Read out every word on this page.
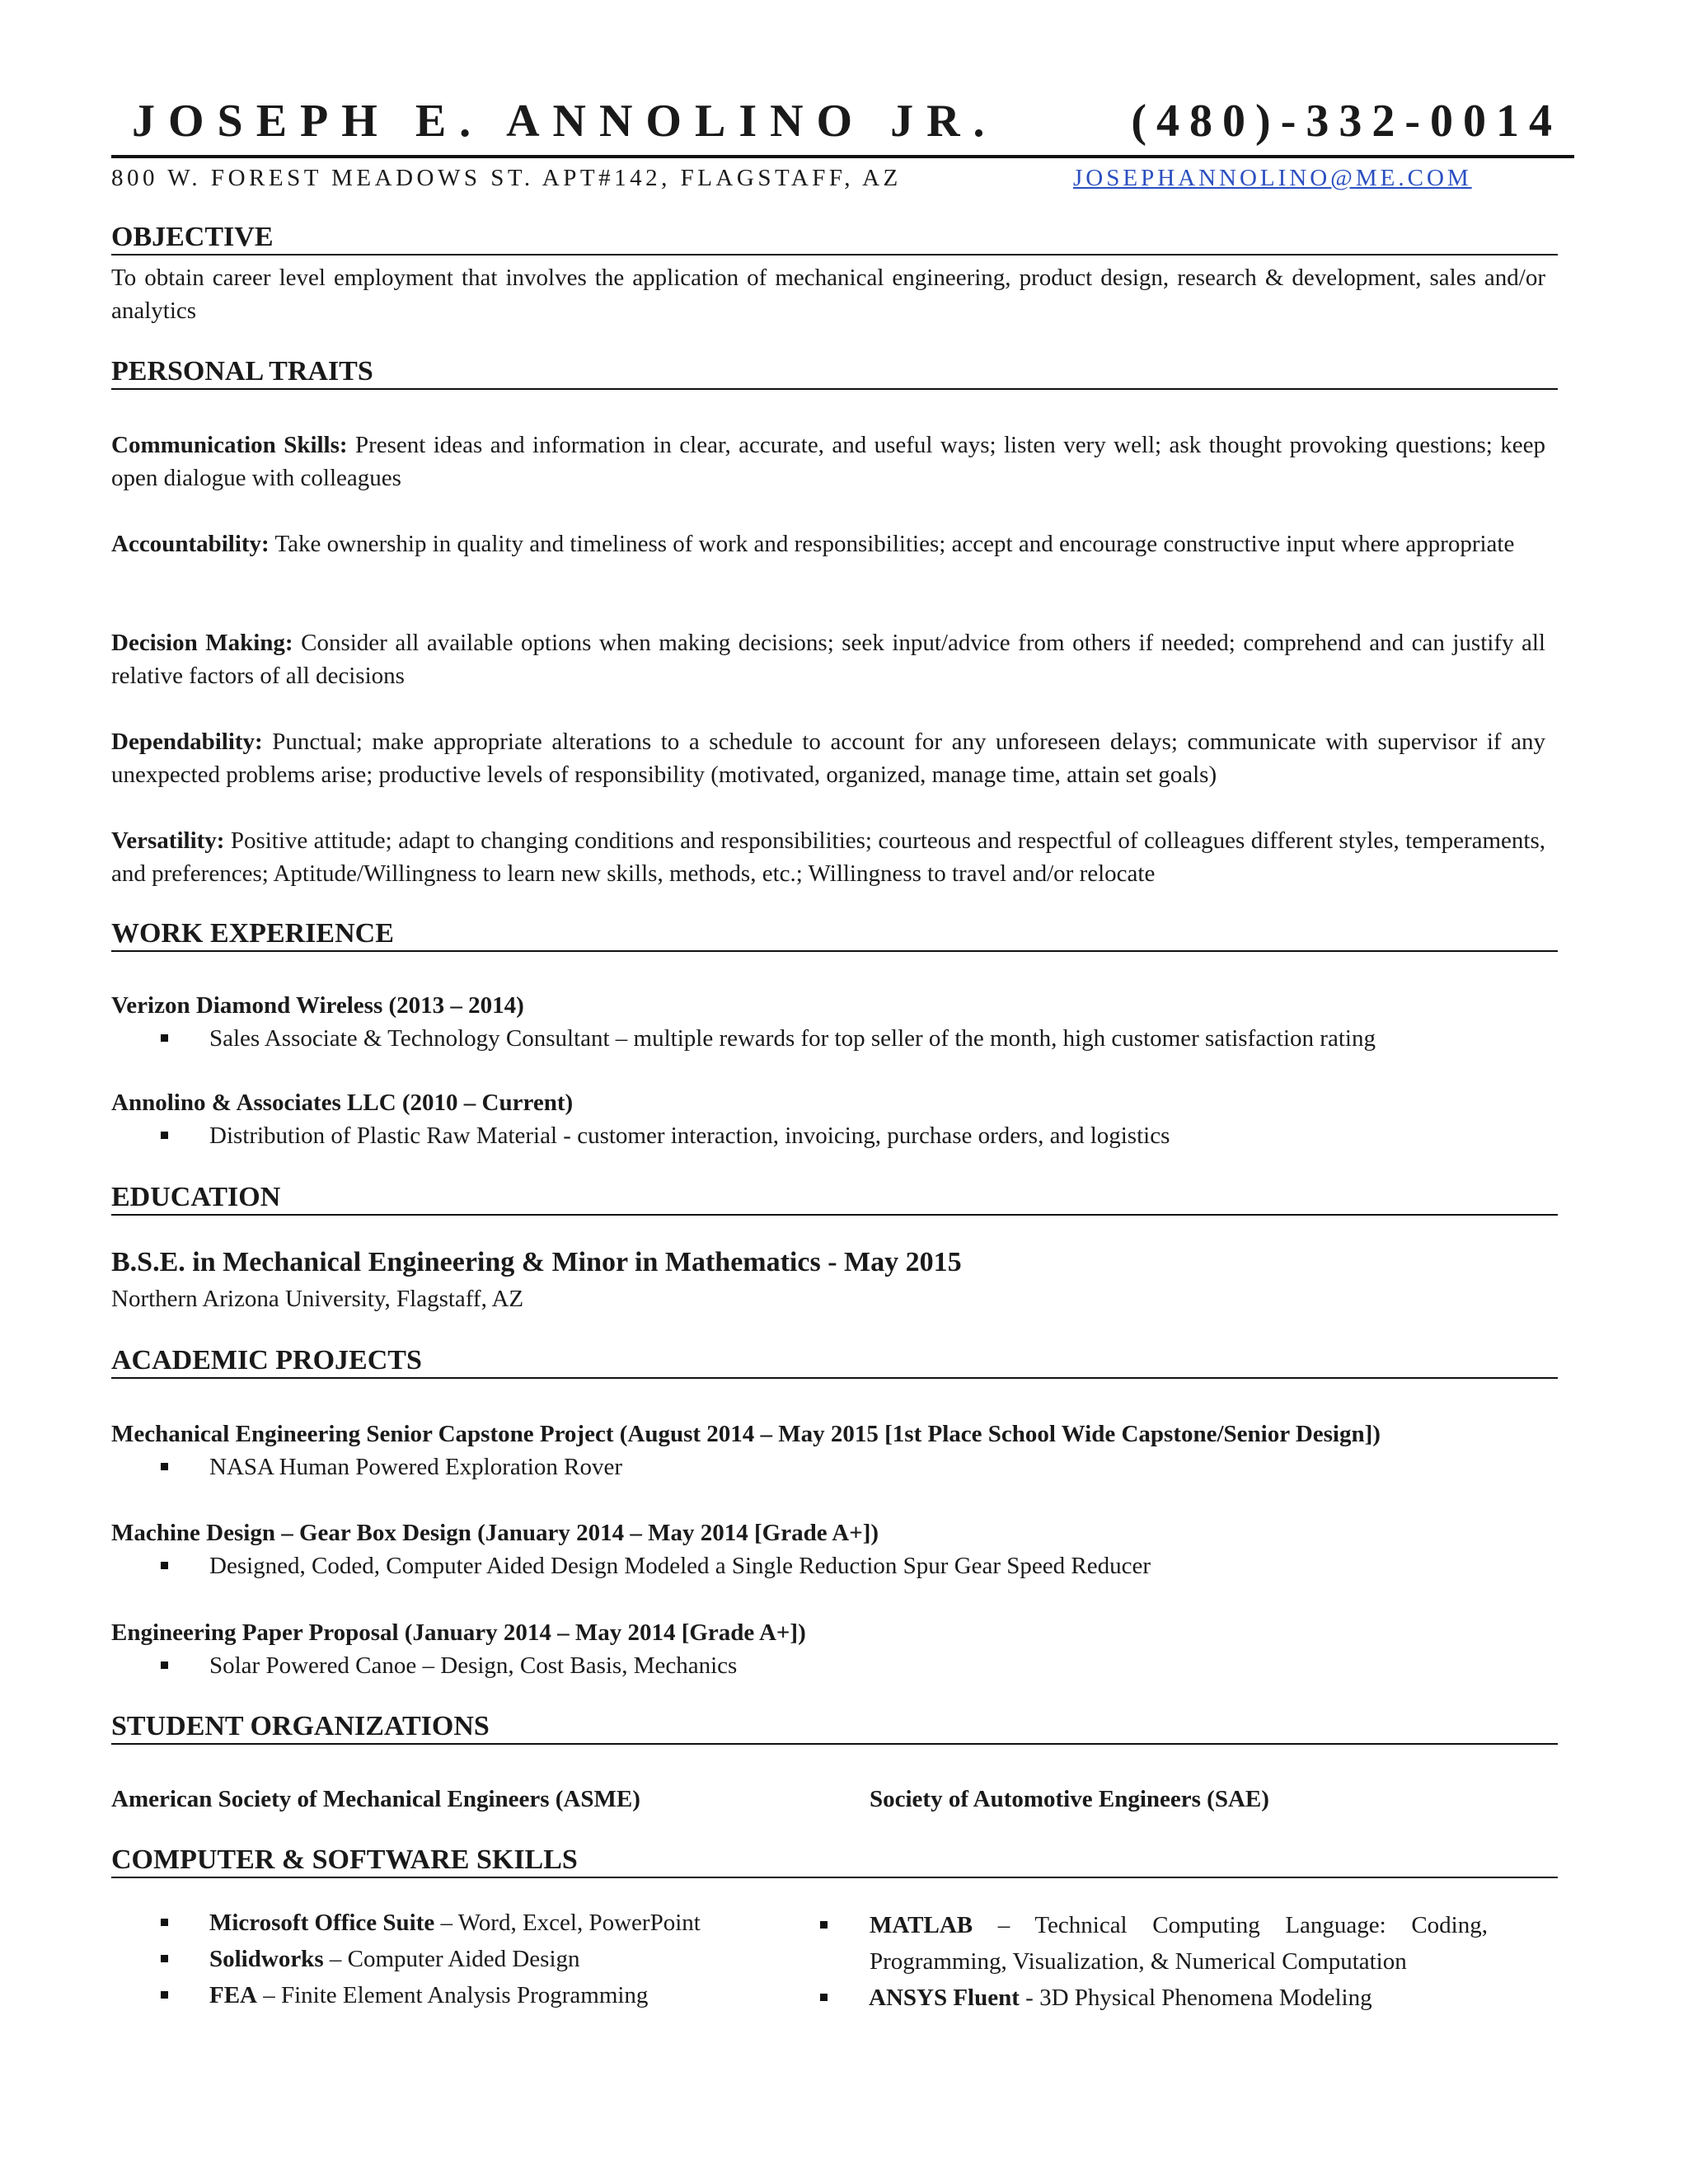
JOSEPH E. ANNOLINO JR.	(480)-332-0014
800 W. FOREST MEADOWS ST. APT#142, FLAGSTAFF, AZ	JOSEPHANNOLINO@ME.COM
OBJECTIVE
To obtain career level employment that involves the application of mechanical engineering, product design, research & development, sales and/or analytics
PERSONAL TRAITS
Communication Skills: Present ideas and information in clear, accurate, and useful ways; listen very well; ask thought provoking questions; keep open dialogue with colleagues
Accountability: Take ownership in quality and timeliness of work and responsibilities; accept and encourage constructive input where appropriate
Decision Making: Consider all available options when making decisions; seek input/advice from others if needed; comprehend and can justify all relative factors of all decisions
Dependability: Punctual; make appropriate alterations to a schedule to account for any unforeseen delays; communicate with supervisor if any unexpected problems arise; productive levels of responsibility (motivated, organized, manage time, attain set goals)
Versatility: Positive attitude; adapt to changing conditions and responsibilities; courteous and respectful of colleagues different styles, temperaments, and preferences; Aptitude/Willingness to learn new skills, methods, etc.; Willingness to travel and/or relocate
WORK EXPERIENCE
Verizon Diamond Wireless (2013 – 2014)
Sales Associate & Technology Consultant – multiple rewards for top seller of the month, high customer satisfaction rating
Annolino & Associates LLC (2010 – Current)
Distribution of Plastic Raw Material - customer interaction, invoicing, purchase orders, and logistics
EDUCATION
B.S.E. in Mechanical Engineering & Minor in Mathematics - May 2015
Northern Arizona University, Flagstaff, AZ
ACADEMIC PROJECTS
Mechanical Engineering Senior Capstone Project (August 2014 – May 2015 [1st Place School Wide Capstone/Senior Design])
NASA Human Powered Exploration Rover
Machine Design – Gear Box Design (January 2014 – May 2014 [Grade A+])
Designed, Coded, Computer Aided Design Modeled a Single Reduction Spur Gear Speed Reducer
Engineering Paper Proposal (January 2014 – May 2014 [Grade A+])
Solar Powered Canoe – Design, Cost Basis, Mechanics
STUDENT ORGANIZATIONS
American Society of Mechanical Engineers (ASME)	Society of Automotive Engineers (SAE)
COMPUTER & SOFTWARE SKILLS
Microsoft Office Suite – Word, Excel, PowerPoint
Solidworks – Computer Aided Design
FEA – Finite Element Analysis Programming
MATLAB – Technical Computing Language: Coding, Programming, Visualization, & Numerical Computation
ANSYS Fluent - 3D Physical Phenomena Modeling
